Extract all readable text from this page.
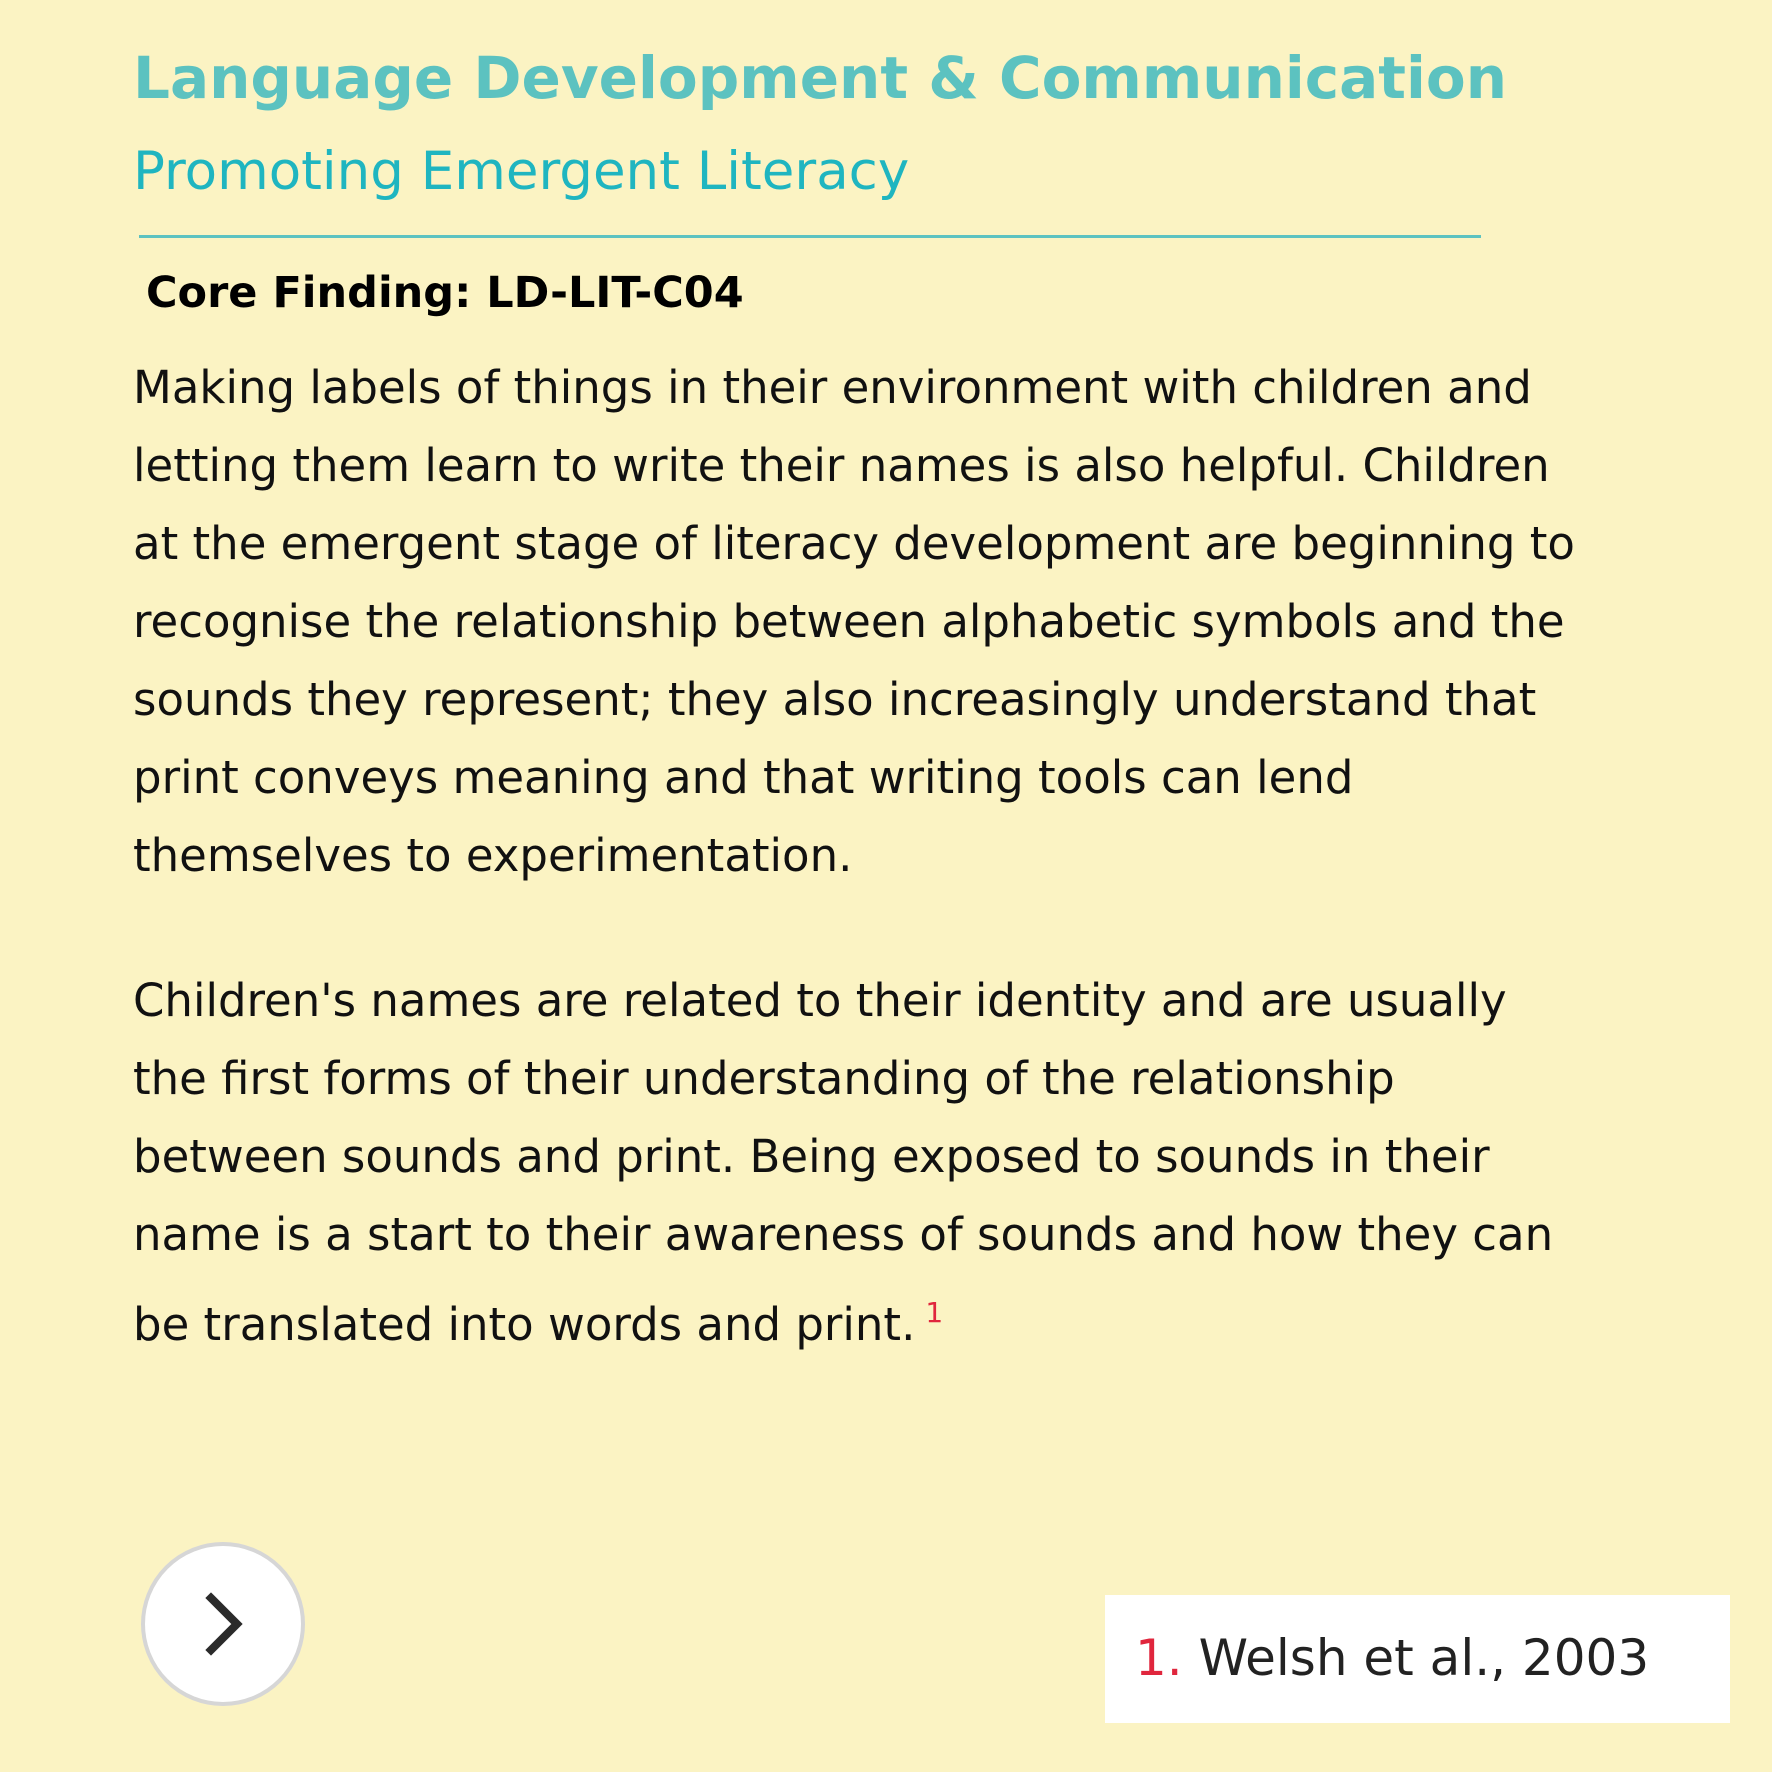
Language Development & Communication
Promoting Emergent Literacy
Core Finding: LD-LIT-C04

Making labels of things in their environment with children and
letting them learn to write their names is also helpful. Children
at the emergent stage of literacy development are beginning to
recognise the relationship between alphabetic symbols and the
sounds they represent; they also increasingly understand that
print conveys meaning and that writing tools can lend
themselves to experimentation.

Children's names are related to their identity and are usually
the first forms of their understanding of the relationship
between sounds and print. Being exposed to sounds in their
name is a start to their awareness of sounds and how they can
be translated into words and print. $^1$

1. Welsh et al., 2003
